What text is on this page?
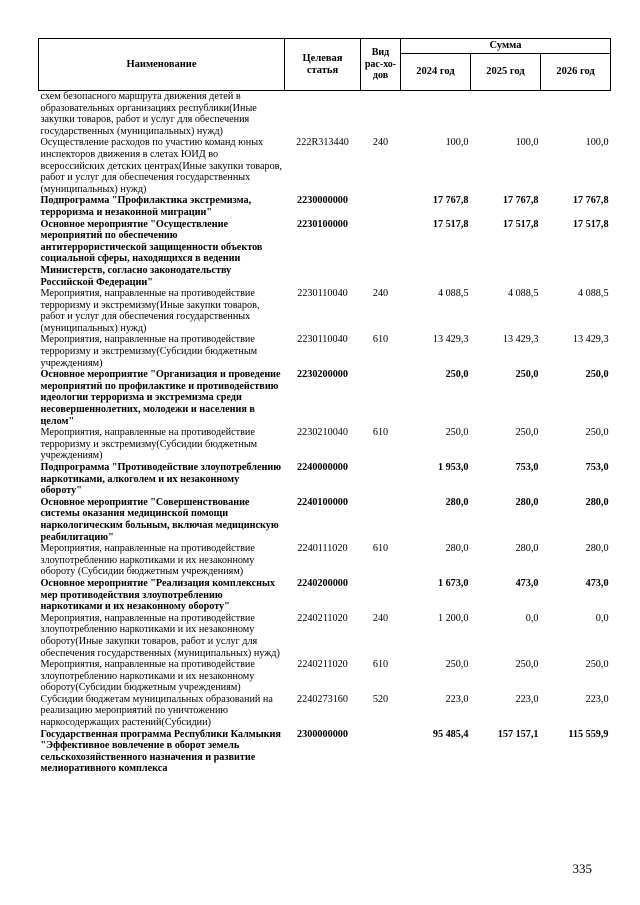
Наименование	Целевая статья	Вид рас-хо-дов	Сумма		
			2024 год	2025 год	2026 год
схем безопасного маршрута движения детей в образовательных организациях республики(Иные закупки товаров, работ и услуг для обеспечения государственных (муниципальных) нужд)					
Осуществление расходов по участию команд юных инспекторов движения в слетах ЮИД во всероссийских детских центрах(Иные закупки товаров, работ и услуг для обеспечения государственных (муниципальных) нужд)	222R313440	240	100,0	100,0	100,0
Подпрограмма "Профилактика экстремизма, терроризма и незаконной миграции"	2230000000		17 767,8	17 767,8	17 767,8
Основное мероприятие "Осуществление мероприятий по обеспечению антитеррористической защищенности объектов социальной сферы, находящихся в ведении Министерств, согласно законодательству Российской Федерации"	2230100000		17 517,8	17 517,8	17 517,8
Мероприятия, направленные на противодействие терроризму и экстремизму(Иные закупки товаров, работ и услуг для обеспечения государственных (муниципальных) нужд)	2230110040	240	4 088,5	4 088,5	4 088,5
Мероприятия, направленные на противодействие терроризму и экстремизму(Субсидии бюджетным учреждениям)	2230110040	610	13 429,3	13 429,3	13 429,3
Основное мероприятие "Организация и проведение мероприятий по профилактике и противодействию идеологии терроризма и экстремизма среди несовершеннолетних, молодежи и населения в целом"	2230200000		250,0	250,0	250,0
Мероприятия, направленные на противодействие терроризму и экстремизму(Субсидии бюджетным учреждениям)	2230210040	610	250,0	250,0	250,0
Подпрограмма "Противодействие злоупотреблению наркотиками, алкоголем и их незаконному обороту"	2240000000		1 953,0	753,0	753,0
Основное мероприятие "Совершенствование системы оказания медицинской помощи наркологическим больным, включая медицинскую реабилитацию"	2240100000		280,0	280,0	280,0
Мероприятия, направленные на противодействие злоупотреблению наркотиками и их незаконному обороту (Субсидии бюджетным учреждениям)	2240111020	610	280,0	280,0	280,0
Основное мероприятие "Реализация комплексных мер противодействия злоупотреблению наркотиками и их незаконному обороту"	2240200000		1 673,0	473,0	473,0
Мероприятия, направленные на противодействие злоупотреблению наркотиками и их незаконному обороту(Иные закупки товаров, работ и услуг для обеспечения государственных (муниципальных) нужд)	2240211020	240	1 200,0	0,0	0,0
Мероприятия, направленные на противодействие злоупотреблению наркотиками и их незаконному обороту(Субсидии бюджетным учреждениям)	2240211020	610	250,0	250,0	250,0
Субсидии бюджетам муниципальных образований на реализацию мероприятий по уничтожению наркосодержащих растений(Субсидии)	2240273160	520	223,0	223,0	223,0
Государственная программа Республики Калмыкия "Эффективное вовлечение в оборот земель сельскохозяйственного назначения и развитие мелиоративного комплекса	2300000000		95 485,4	157 157,1	115 559,9
335
